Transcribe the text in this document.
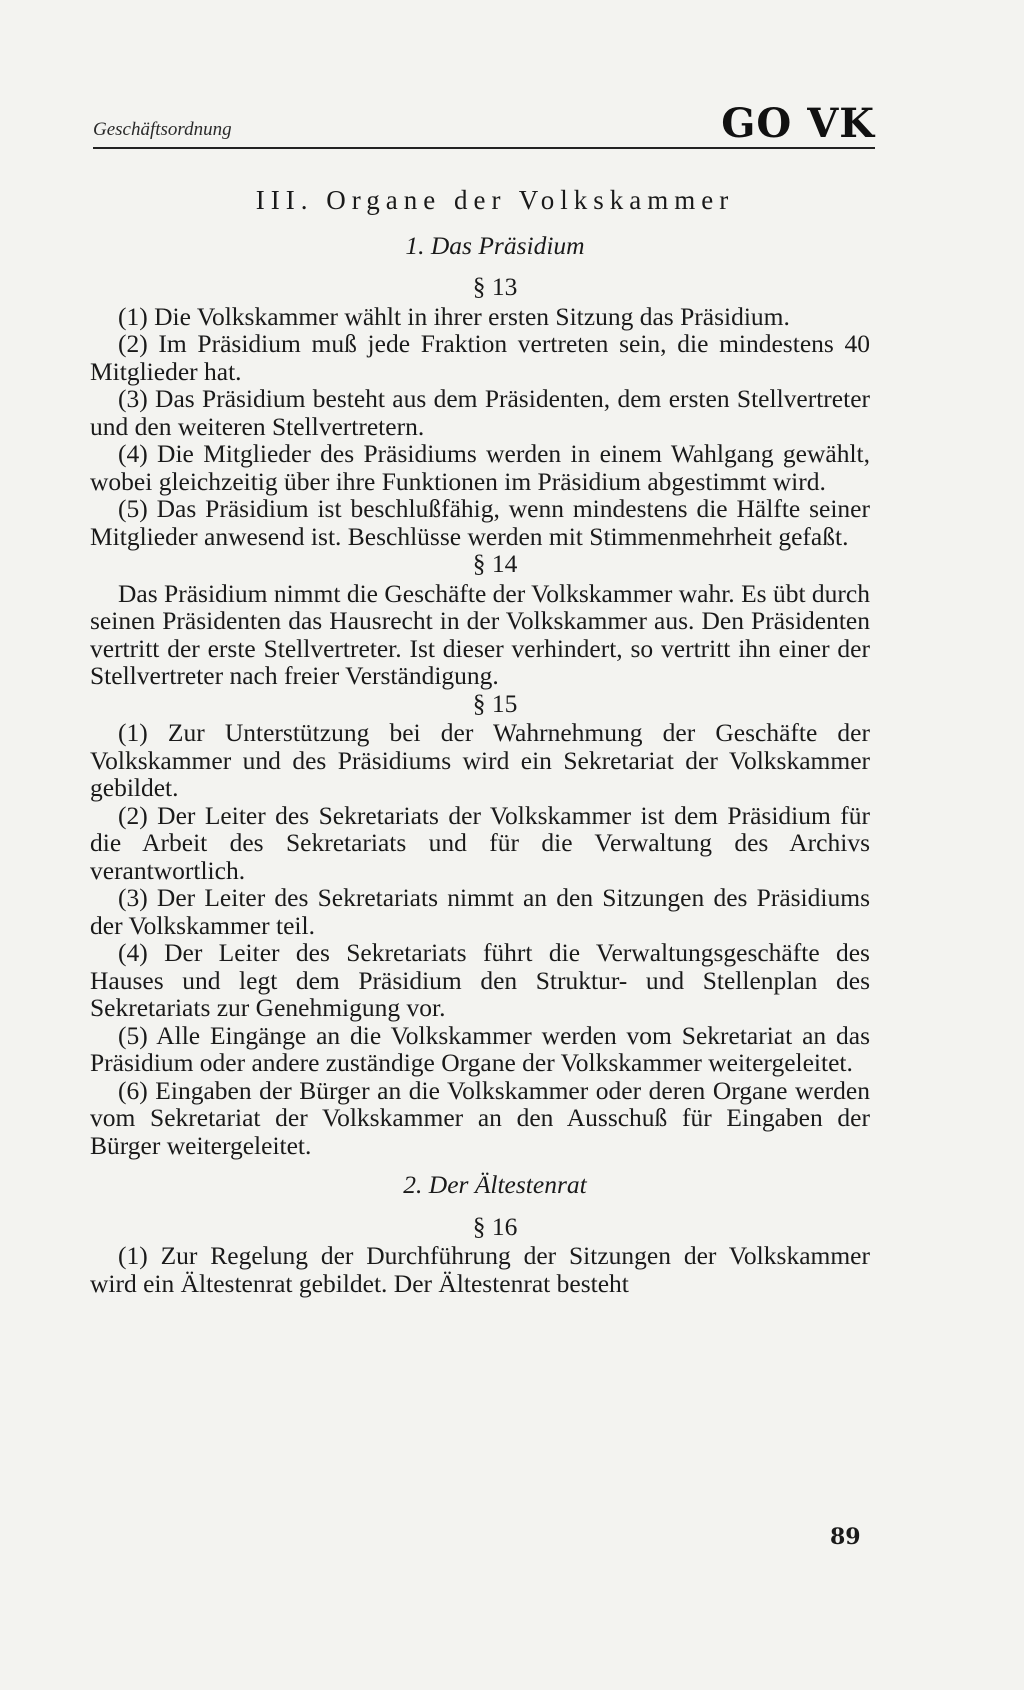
Geschäftsordnung	GO VK
III. Organe der Volkskammer
1. Das Präsidium
§ 13

(1) Die Volkskammer wählt in ihrer ersten Sitzung das Präsidium.

(2) Im Präsidium muß jede Fraktion vertreten sein, die mindestens 40 Mitglieder hat.

(3) Das Präsidium besteht aus dem Präsidenten, dem ersten Stellvertreter und den weiteren Stellvertretern.

(4) Die Mitglieder des Präsidiums werden in einem Wahlgang gewählt, wobei gleichzeitig über ihre Funktionen im Präsidium abgestimmt wird.

(5) Das Präsidium ist beschlußfähig, wenn mindestens die Hälfte seiner Mitglieder anwesend ist. Beschlüsse werden mit Stimmenmehrheit gefaßt.

§ 14

Das Präsidium nimmt die Geschäfte der Volkskammer wahr. Es übt durch seinen Präsidenten das Hausrecht in der Volkskammer aus. Den Präsidenten vertritt der erste Stellvertreter. Ist dieser verhindert, so vertritt ihn einer der Stellvertreter nach freier Verständigung.

§ 15

(1) Zur Unterstützung bei der Wahrnehmung der Geschäfte der Volkskammer und des Präsidiums wird ein Sekretariat der Volkskammer gebildet.

(2) Der Leiter des Sekretariats der Volkskammer ist dem Präsidium für die Arbeit des Sekretariats und für die Verwaltung des Archivs verantwortlich.

(3) Der Leiter des Sekretariats nimmt an den Sitzungen des Präsidiums der Volkskammer teil.

(4) Der Leiter des Sekretariats führt die Verwaltungsgeschäfte des Hauses und legt dem Präsidium den Struktur- und Stellenplan des Sekretariats zur Genehmigung vor.

(5) Alle Eingänge an die Volkskammer werden vom Sekretariat an das Präsidium oder andere zuständige Organe der Volkskammer weitergeleitet.

(6) Eingaben der Bürger an die Volkskammer oder deren Organe werden vom Sekretariat der Volkskammer an den Ausschuß für Eingaben der Bürger weitergeleitet.

2. Der Ältestenrat
§ 16

(1) Zur Regelung der Durchführung der Sitzungen der Volkskammer wird ein Ältestenrat gebildet. Der Ältestenrat besteht

89
